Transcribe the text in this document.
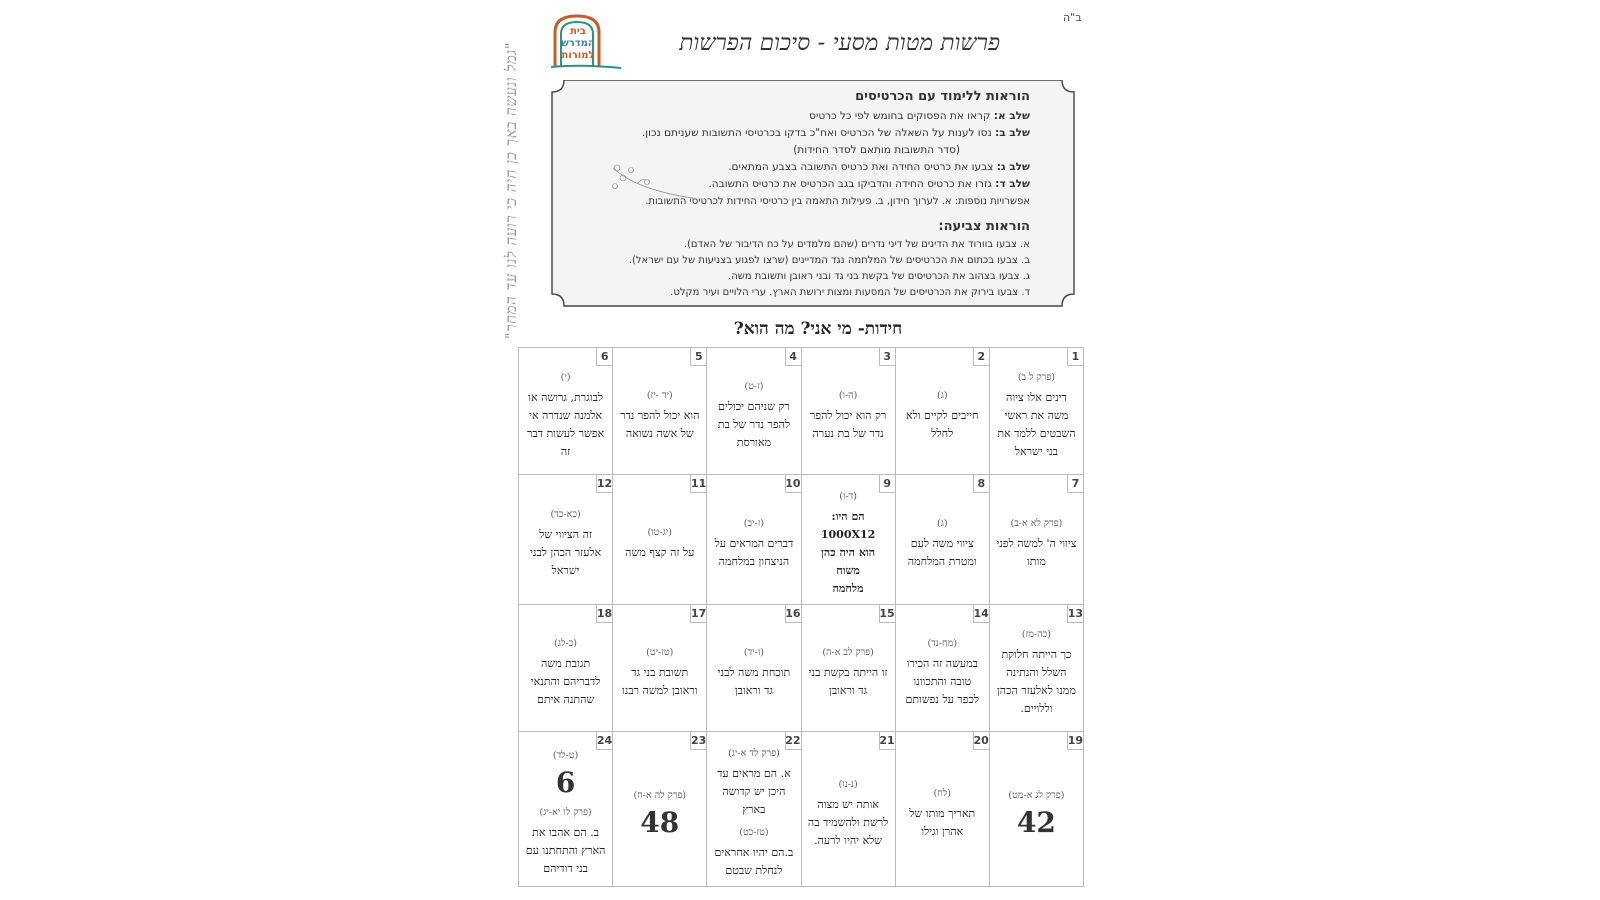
ב"ה
"גמל ונעשה באך כן חיה כי רועה לנו עד המחר"
בית
המדרש
למורות	פרשות מטות מסעי - סיכום הפרשות
הוראות ללימוד עם הכרטיסים
שלב א: קראו את הפסוקים בחומש לפי כל כרטיס
שלב ב: נסו לענות על השאלה של הכרטיס ואח"כ בדקו בכרטיסי התשובות שעניתם נכון.
(סדר התשובות מותאם לסדר החידות)
שלב ג: צבעו את כרטיס החידה ואת כרטיס התשובה בצבע המתאים.
שלב ד: גזרו את כרטיס החידה והדביקו בגב הכרטיס את כרטיס התשובה.
אפשרויות נוספות: א. לערוך חידון, ב. פעילות התאמה בין כרטיסי החידות לכרטיסי התשובות.
הוראות צביעה:
א. צבעו בוורוד את הדינים של דיני נדרים (שהם מלמדים על כח הדיבור של האדם).
ב. צבעו בכתום את הכרטיסים של המלחמה נגד המדיינים (שרצו לפגוע בצניעות של עם ישראל).
ג. צבעו בצהוב את הכרטיסים של בקשת בני גד ובני ראובן ותשובת משה.
ד. צבעו בירוק את הכרטיסים של המסעות ומצות ירושת הארץ. ערי הלויים ועיר מקלט.
חידות- מי אני? מה הוא?
1
(פרק ל ב)
דינים אלו ציוה
משה את ראשי
השבטים ללמד את
בני ישראל
2
(ג)
חייבים לקיים ולא
לחלל
3
(ה-ו)
רק הוא יכול להפר
נדר של בת נערה
4
(ז-ט)
רק שניהם יכולים
להפר נדר של בת
מאורסת
5
(יד -יז)
הוא יכול להפר נדר
של אשה נשואה
6
(י)
לבוגרת, גרושה או
אלמנה שנדרה אי
אפשר לעשות דבר
זה
7
(פרק לא א-ב)
ציווי ה' למשה לפני
מותו
8
(ג)
ציווי משה לעם
ומטרת המלחמה
9
(ד-ו)
הם היו:
1000X12
הוא היה כהן משוח
מלחמה
10
(ז-יב)
דברים המראים על
הניצחון במלחמה
11
(יג-טו)
על זה קצף משה
12
(כא-כד)
זה הציווי של
אלעזר הכהן לבני
ישראל
13
(כה-מז)
כך הייתה חלוקת
השלל והנתינה
ממנו לאלעזר הכהן
וללויים.
14
(מח-נד)
במעשה זה הכירו
טובה והתכוונו
לכפר על נפשותם
15
(פרק לב א-ה)
זו הייתה בקשת בני
גד וראובן
16
(ו-יד)
תוכחת משה לבני
גד וראובן
17
(טז-יט)
תשובת בני גד
וראובן למשה רבנו
18
(כ-לג)
תגובת משה
לדבריהם והתנאי
שהתנה איתם
19
(פרק לג א-מט)
42
20
(לח)
תאריך מותו של
אהרן וגילו
21
(נ-נו)
אותה יש מצוה
לרשת ולהשמיד בה
שלא יהיו לרעה.
22
(פרק לד א-יג)
א. הם מראים עד
היכן יש קדושה
בארץ
(טז-כט)
ב.הם יהיו אחראים
לנחלת שבטם
23
(פרק לה א-ח)
48
24
(ט-לד)
6
(פרק לו יא-יג)
ב. הם אהבו את
הארץ והתחתנו עם
בני דודיהם
